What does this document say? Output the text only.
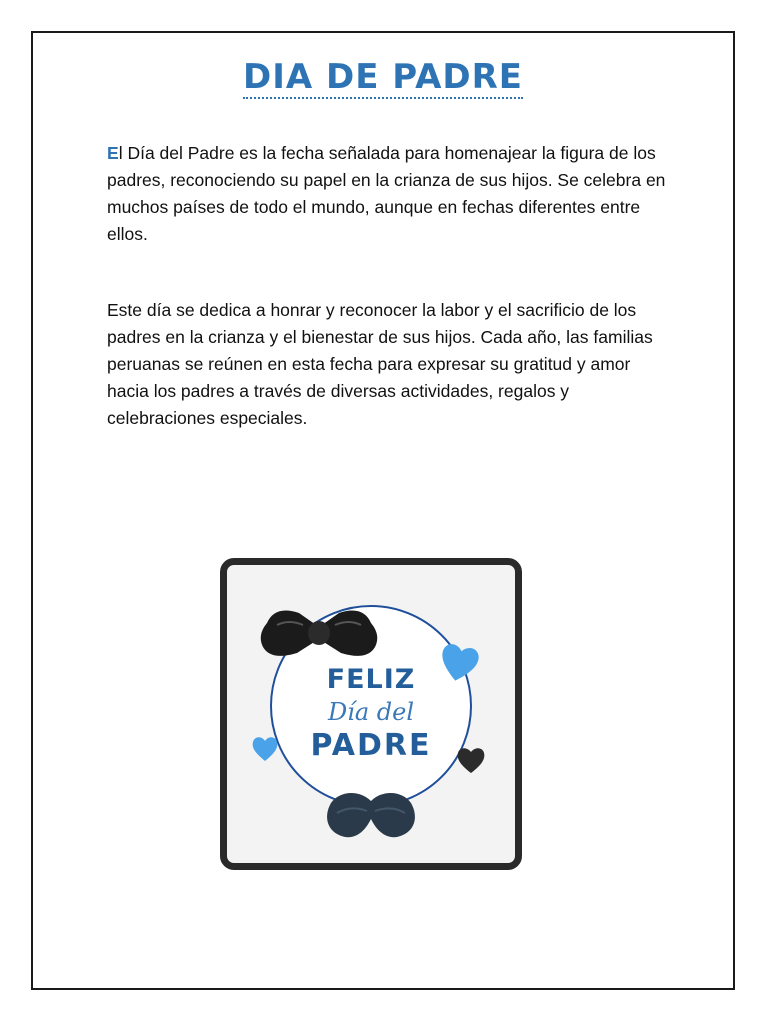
DIA DE PADRE

El Día del Padre es la fecha señalada para homenajear la figura de los padres, reconociendo su papel en la crianza de sus hijos. Se celebra en muchos países de todo el mundo, aunque en fechas diferentes entre ellos.

Este día se dedica a honrar y reconocer la labor y el sacrificio de los padres en la crianza y el bienestar de sus hijos. Cada año, las familias peruanas se reúnen en esta fecha para expresar su gratitud y amor hacia los padres a través de diversas actividades, regalos y celebraciones especiales.

FELIZ

Día del

PADRE
